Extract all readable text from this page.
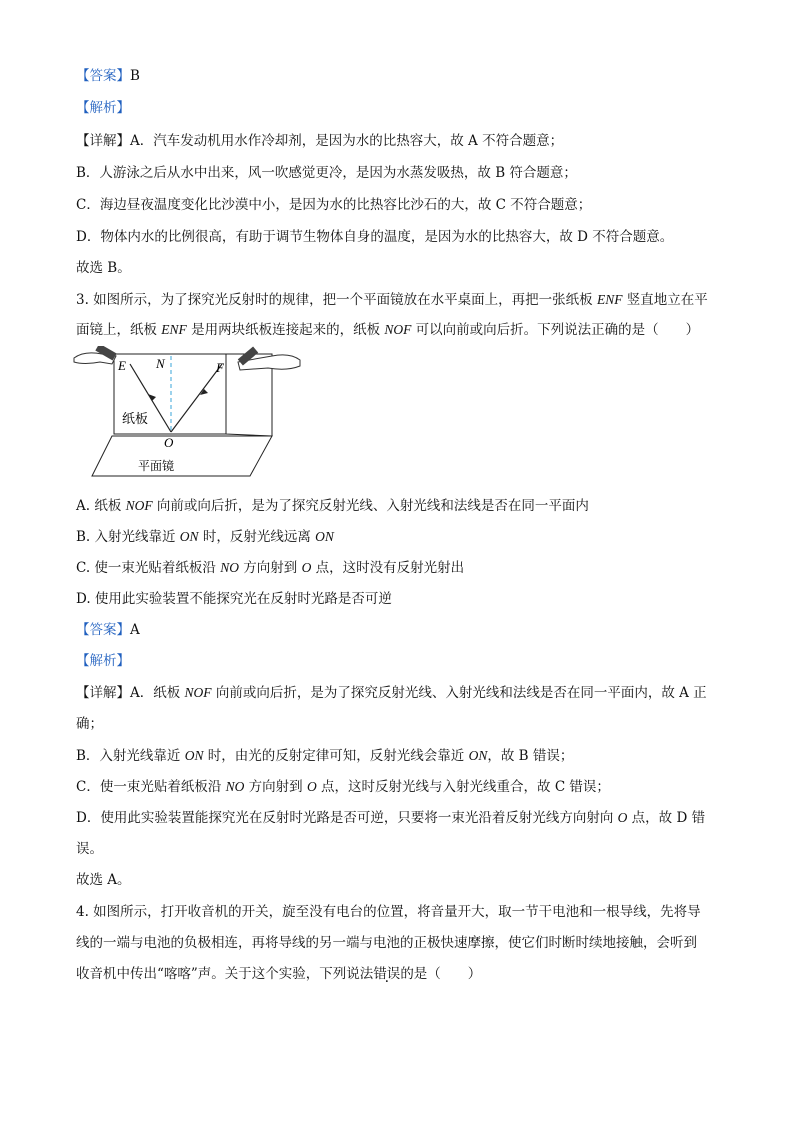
【答案】B
【解析】
【详解】A．汽车发动机用水作冷却剂，是因为水的比热容大，故 A 不符合题意；
B．人游泳之后从水中出来，风一吹感觉更冷，是因为水蒸发吸热，故 B 符合题意；
C．海边昼夜温度变化比沙漠中小，是因为水的比热容比沙石的大，故 C 不符合题意；
D．物体内水的比例很高，有助于调节生物体自身的温度，是因为水的比热容大，故 D 不符合题意。
故选 B。
3. 如图所示，为了探究光反射时的规律，把一个平面镜放在水平桌面上，再把一张纸板 ENF 竖直地立在平
面镜上，纸板 ENF 是用两块纸板连接起来的，纸板 NOF 可以向前或向后折。下列说法正确的是（　　）
E N	F
O
纸板
平面镜
A. 纸板 NOF 向前或向后折，是为了探究反射光线、入射光线和法线是否在同一平面内
B. 入射光线靠近 ON 时，反射光线远离 ON
C. 使一束光贴着纸板沿 NO 方向射到 O 点，这时没有反射光射出
D. 使用此实验装置不能探究光在反射时光路是否可逆
【答案】A
【解析】
【详解】A．纸板 NOF 向前或向后折，是为了探究反射光线、入射光线和法线是否在同一平面内，故 A 正
确；
B．入射光线靠近 ON 时，由光的反射定律可知，反射光线会靠近 ON，故 B 错误；
C．使一束光贴着纸板沿 NO 方向射到 O 点，这时反射光线与入射光线重合，故 C 错误；
D．使用此实验装置能探究光在反射时光路是否可逆，只要将一束光沿着反射光线方向射向 O 点，故 D 错
误。
故选 A。
4. 如图所示，打开收音机的开关，旋至没有电台的位置，将音量开大，取一节干电池和一根导线，先将导
线的一端与电池的负极相连，再将导线的另一端与电池的正极快速摩擦，使它们时断时续地接触，会听到
收音机中传出“喀喀”声。关于这个实验，下列说法错误的是（　　）
